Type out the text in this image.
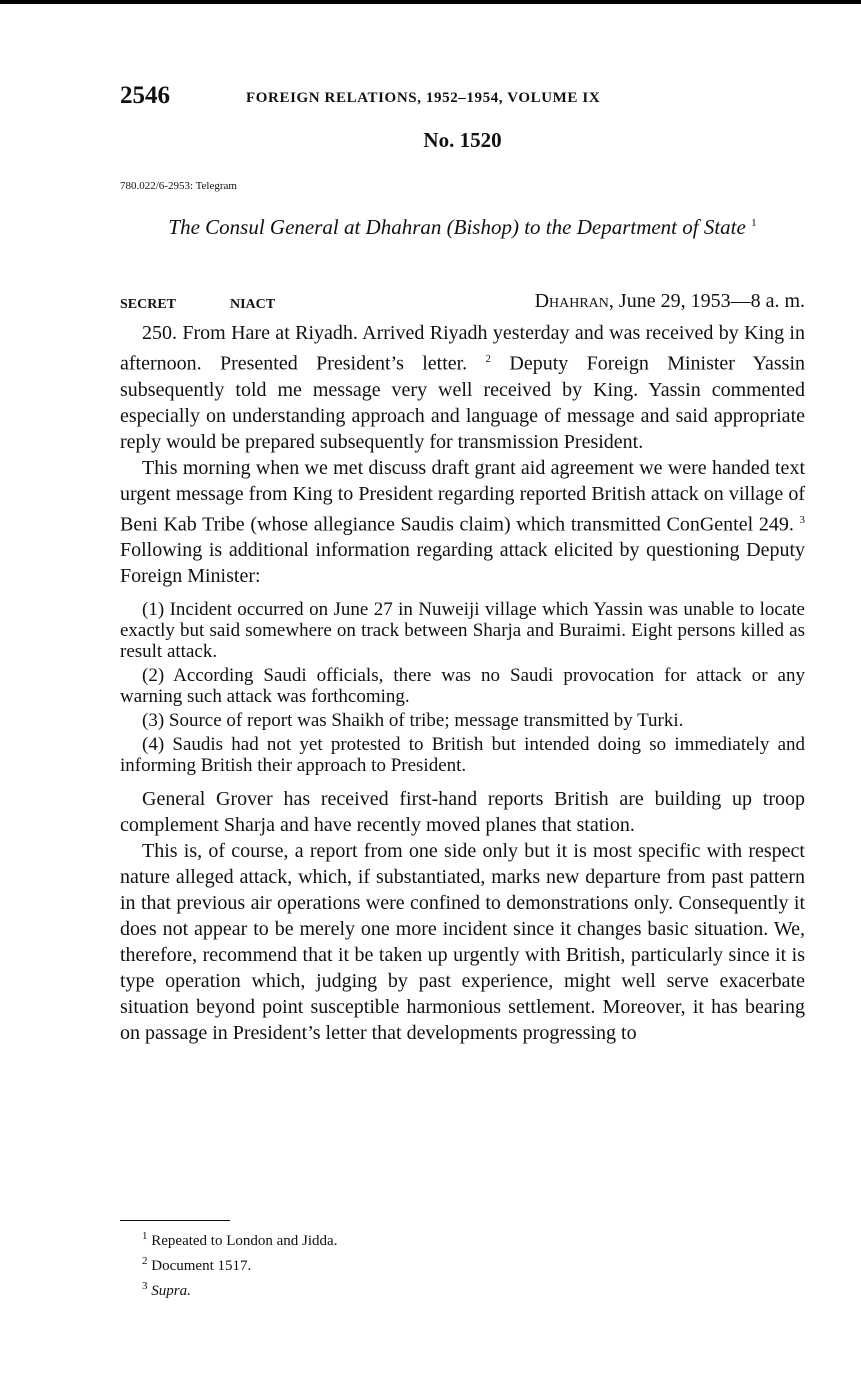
2546	FOREIGN RELATIONS, 1952–1954, VOLUME IX
No. 1520
780.022/6-2953: Telegram
The Consul General at Dhahran (Bishop) to the Department of State $^1$
SECRET	NIACT	Dhahran, June 29, 1953—8 a. m.

250. From Hare at Riyadh. Arrived Riyadh yesterday and was received by King in afternoon. Presented President’s letter. $^2$ Deputy Foreign Minister Yassin subsequently told me message very well received by King. Yassin commented especially on understanding approach and language of message and said appropriate reply would be prepared subsequently for transmission President.

This morning when we met discuss draft grant aid agreement we were handed text urgent message from King to President regarding reported British attack on village of Beni Kab Tribe (whose allegiance Saudis claim) which transmitted ConGentel 249. $^3$ Following is additional information regarding attack elicited by questioning Deputy Foreign Minister:

(1) Incident occurred on June 27 in Nuweiji village which Yassin was unable to locate exactly but said somewhere on track between Sharja and Buraimi. Eight persons killed as result attack.

(2) According Saudi officials, there was no Saudi provocation for attack or any warning such attack was forthcoming.

(3) Source of report was Shaikh of tribe; message transmitted by Turki.

(4) Saudis had not yet protested to British but intended doing so immediately and informing British their approach to President.

General Grover has received first-hand reports British are building up troop complement Sharja and have recently moved planes that station.

This is, of course, a report from one side only but it is most specific with respect nature alleged attack, which, if substantiated, marks new departure from past pattern in that previous air operations were confined to demonstrations only. Consequently it does not appear to be merely one more incident since it changes basic situation. We, therefore, recommend that it be taken up urgently with British, particularly since it is type operation which, judging by past experience, might well serve exacerbate situation beyond point susceptible harmonious settlement. Moreover, it has bearing on passage in President’s letter that developments progressing to

$^1$ Repeated to London and Jidda.

$^2$ Document 1517.

$^3$ Supra.
